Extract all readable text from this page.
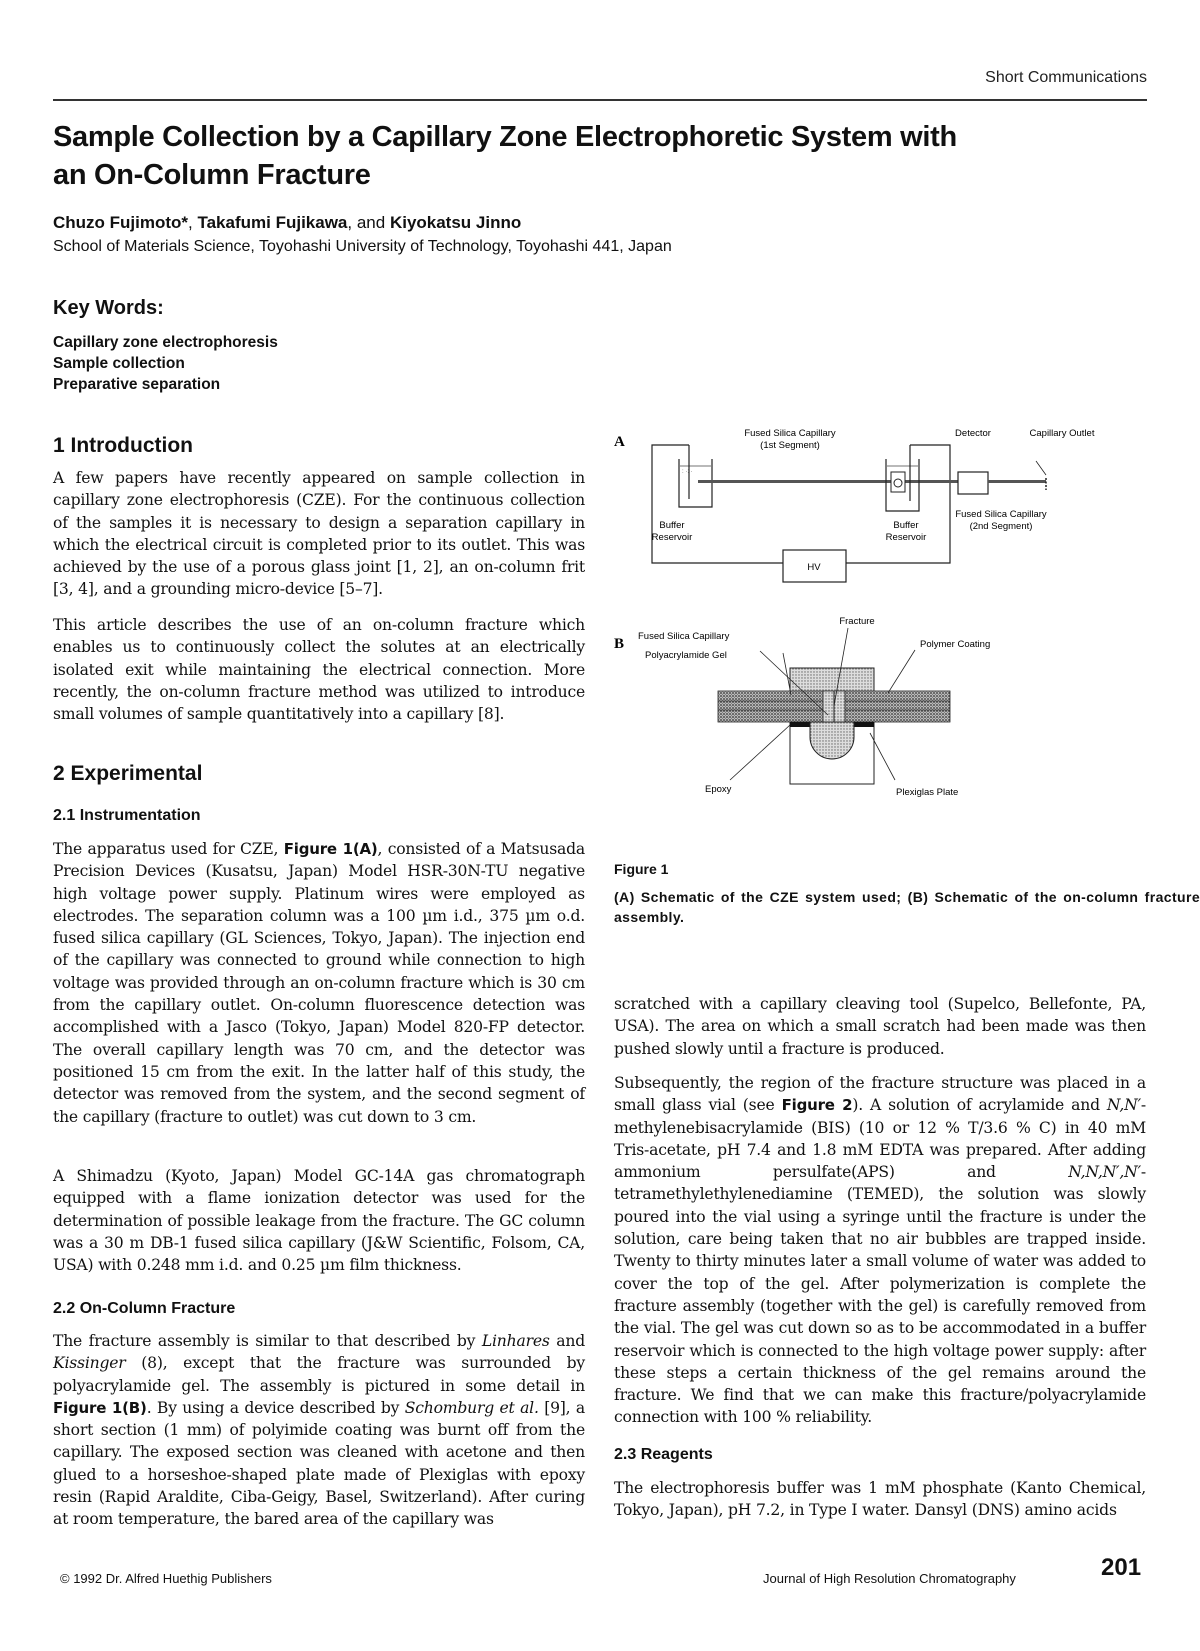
Short Communications
Sample Collection by a Capillary Zone Electrophoretic System with
an On-Column Fracture
Chuzo Fujimoto*, Takafumi Fujikawa, and Kiyokatsu Jinno
School of Materials Science, Toyohashi University of Technology, Toyohashi 441, Japan
Key Words:
Capillary zone electrophoresis
Sample collection
Preparative separation
1 Introduction
A few papers have recently appeared on sample collection in capillary zone electrophoresis (CZE). For the continuous collection of the samples it is necessary to design a separation capillary in which the electrical circuit is completed prior to its outlet. This was achieved by the use of a porous glass joint [1, 2], an on-column frit [3, 4], and a grounding micro-device [5–7].
This article describes the use of an on-column fracture which enables us to continuously collect the solutes at an electrically isolated exit while maintaining the electrical connection. More recently, the on-column fracture method was utilized to introduce small volumes of sample quantitatively into a capillary [8].
2 Experimental
2.1 Instrumentation
The apparatus used for CZE, Figure 1(A), consisted of a Matsusada Precision Devices (Kusatsu, Japan) Model HSR-30N-TU negative high voltage power supply. Platinum wires were employed as electrodes. The separation column was a 100 µm i.d., 375 µm o.d. fused silica capillary (GL Sciences, Tokyo, Japan). The injection end of the capillary was connected to ground while connection to high voltage was provided through an on-column fracture which is 30 cm from the capillary outlet. On-column fluorescence detection was accomplished with a Jasco (Tokyo, Japan) Model 820-FP detector. The overall capillary length was 70 cm, and the detector was positioned 15 cm from the exit. In the latter half of this study, the detector was removed from the system, and the second segment of the capillary (fracture to outlet) was cut down to 3 cm.
A Shimadzu (Kyoto, Japan) Model GC-14A gas chromatograph equipped with a flame ionization detector was used for the determination of possible leakage from the fracture. The GC column was a 30 m DB-1 fused silica capillary (J&W Scientific, Folsom, CA, USA) with 0.248 mm i.d. and 0.25 µm film thickness.
2.2 On-Column Fracture
The fracture assembly is similar to that described by Linhares and Kissinger (8), except that the fracture was surrounded by polyacrylamide gel. The assembly is pictured in some detail in Figure 1(B). By using a device described by Schomburg et al. [9], a short section (1 mm) of polyimide coating was burnt off from the capillary. The exposed section was cleaned with acetone and then glued to a horseshoe-shaped plate made of Plexiglas with epoxy resin (Rapid Araldite, Ciba-Geigy, Basel, Switzerland). After curing at room temperature, the bared area of the capillary was
A
HV
: ·: ·
Fused Silica Capillary
(1st Segment)
Detector	Capillary Outlet
Buffer
Reservoir
Buffer
Reservoir
Fused Silica Capillary
(2nd Segment)
B
Fracture
Fused Silica Capillary
Polymer Coating
Polyacrylamide Gel
Epoxy	Plexiglas Plate
Figure 1
(A) Schematic of the CZE system used; (B) Schematic of the on-column fracture assembly.
scratched with a capillary cleaving tool (Supelco, Bellefonte, PA, USA). The area on which a small scratch had been made was then pushed slowly until a fracture is produced.
Subsequently, the region of the fracture structure was placed in a small glass vial (see Figure 2). A solution of acrylamide and N,N′-methylenebisacrylamide (BIS) (10 or 12 % T/3.6 % C) in 40 mM Tris-acetate, pH 7.4 and 1.8 mM EDTA was prepared. After adding ammonium persulfate(APS) and N,N,N′,N′-tetramethylethylenediamine (TEMED), the solution was slowly poured into the vial using a syringe until the fracture is under the solution, care being taken that no air bubbles are trapped inside. Twenty to thirty minutes later a small volume of water was added to cover the top of the gel. After polymerization is complete the fracture assembly (together with the gel) is carefully removed from the vial. The gel was cut down so as to be accommodated in a buffer reservoir which is connected to the high voltage power supply: after these steps a certain thickness of the gel remains around the fracture. We find that we can make this fracture/polyacrylamide connection with 100 % reliability.
2.3 Reagents
The electrophoresis buffer was 1 mM phosphate (Kanto Chemical, Tokyo, Japan), pH 7.2, in Type I water. Dansyl (DNS) amino acids
© 1992 Dr. Alfred Huethig Publishers	Journal of High Resolution Chromatography	201
